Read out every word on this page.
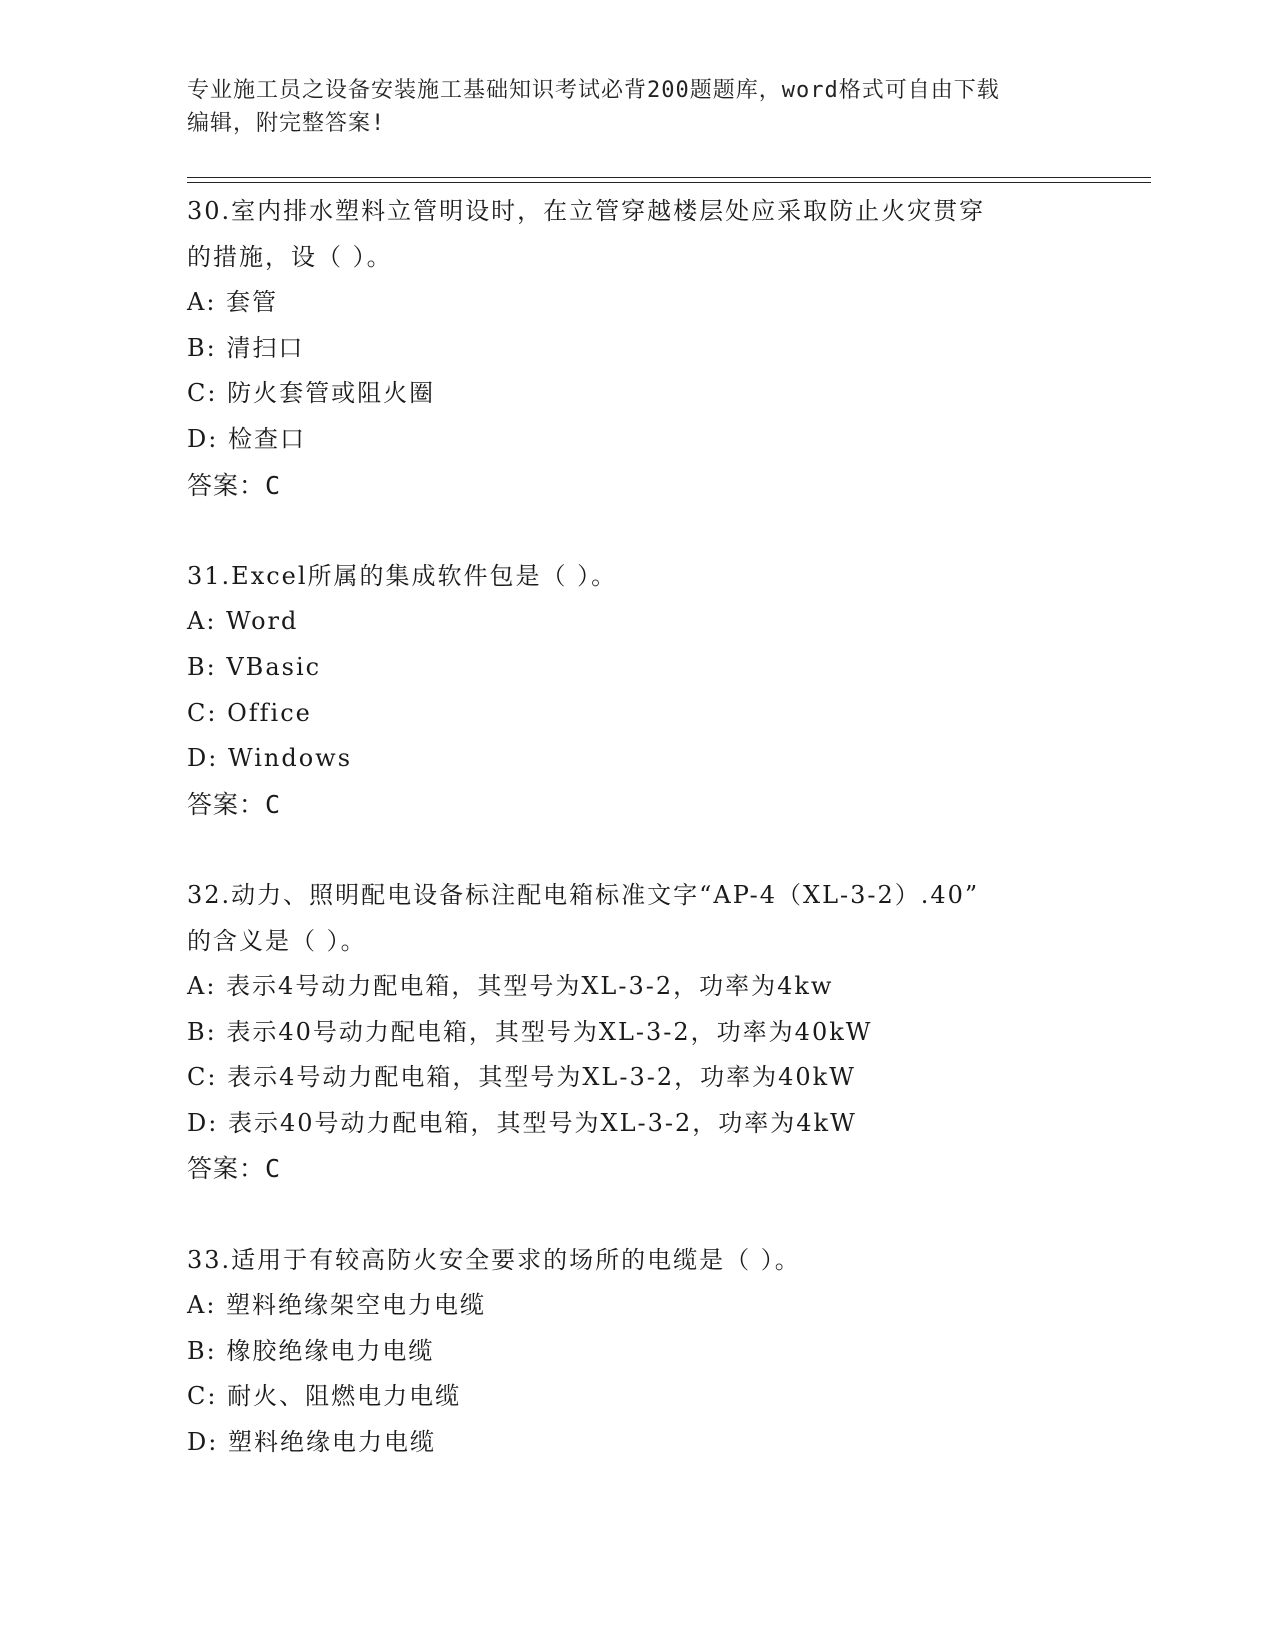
专业施工员之设备安装施工基础知识考试必背200题题库，word格式可自由下载
编辑，附完整答案!
30.室内排水塑料立管明设时，在立管穿越楼层处应采取防止火灾贯穿
的措施，设（ ）。
A: 套管
B: 清扫口
C: 防火套管或阻火圈
D: 检查口
答案：C
31.Excel所属的集成软件包是（ ）。
A: Word
B: VBasic
C: Office
D: Windows
答案：C
32.动力、照明配电设备标注配电箱标准文字“AP-4（XL-3-2）.40”
的含义是（ ）。
A: 表示4号动力配电箱，其型号为XL-3-2，功率为4kw
B: 表示40号动力配电箱，其型号为XL-3-2，功率为40kW
C: 表示4号动力配电箱，其型号为XL-3-2，功率为40kW
D: 表示40号动力配电箱，其型号为XL-3-2，功率为4kW
答案：C
33.适用于有较高防火安全要求的场所的电缆是（ ）。
A: 塑料绝缘架空电力电缆
B: 橡胶绝缘电力电缆
C: 耐火、阻燃电力电缆
D: 塑料绝缘电力电缆
